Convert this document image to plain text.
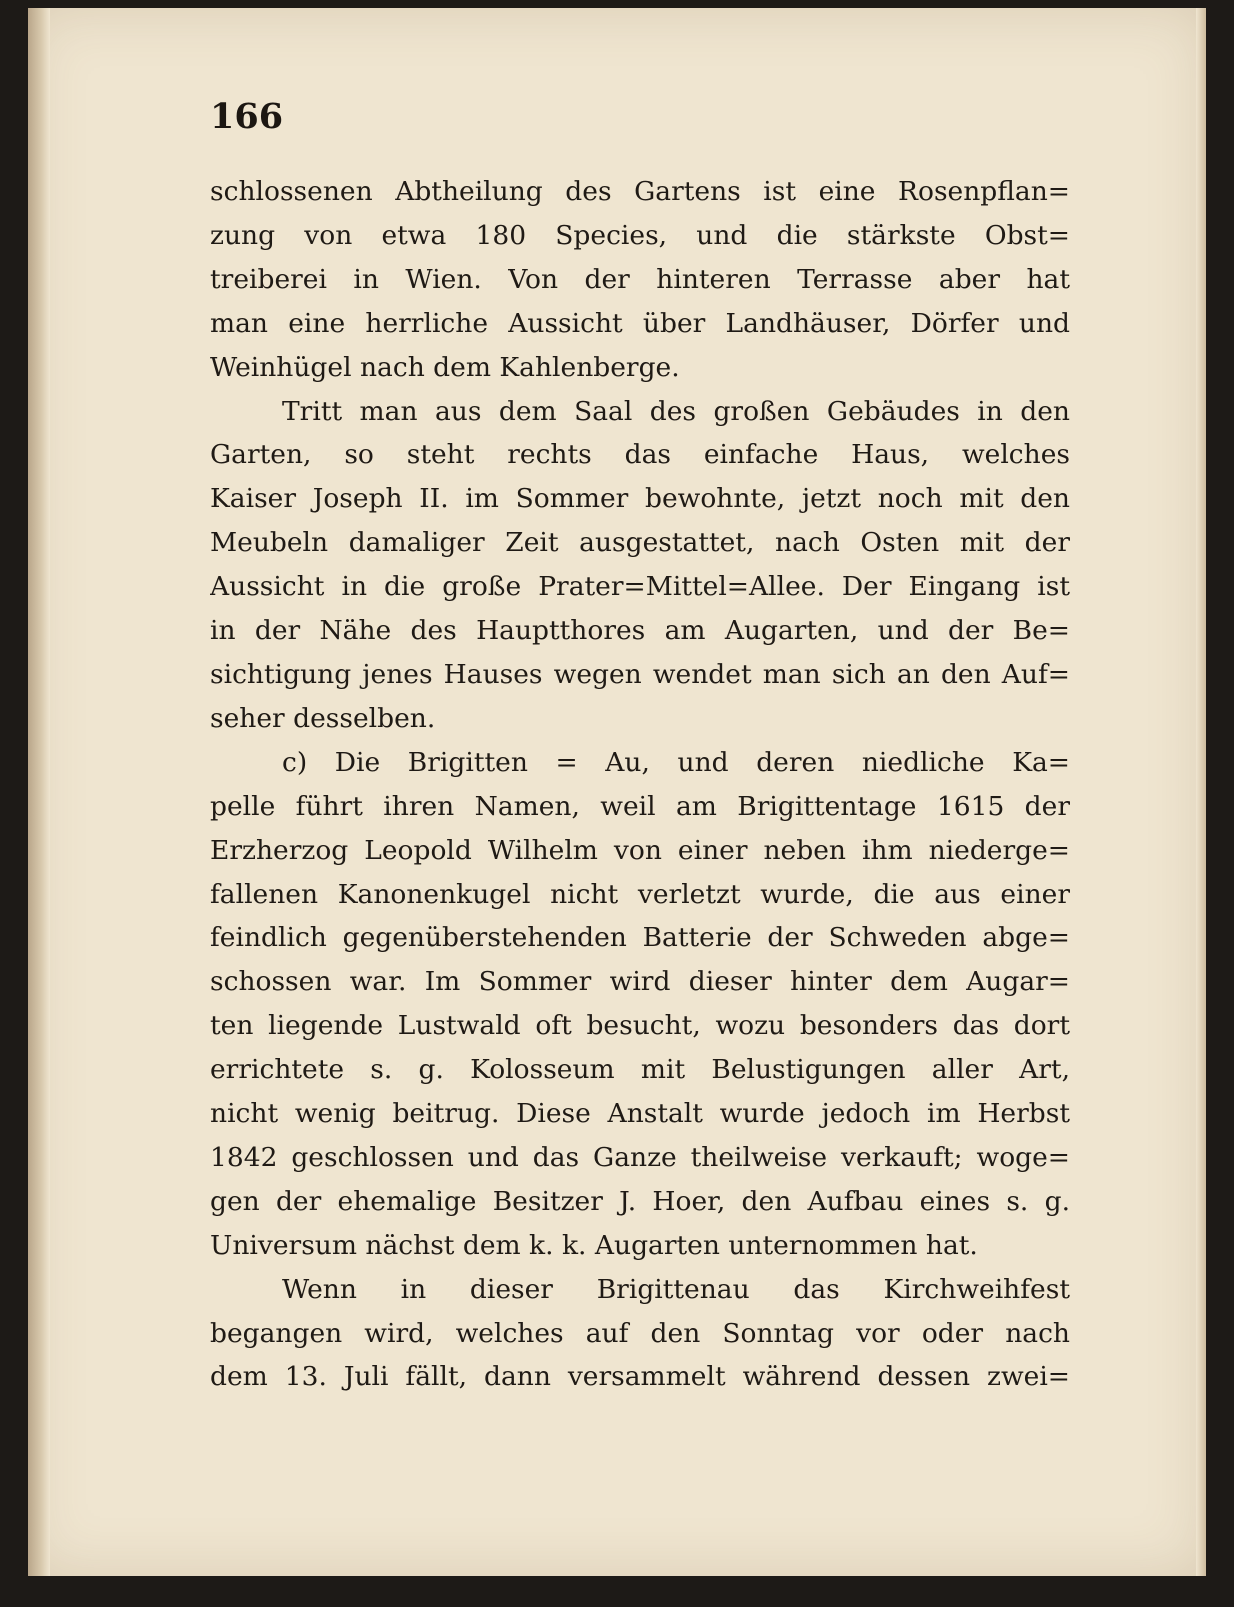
166
schlossenen Abtheilung des Gartens ist eine Rosenpflan=
zung von etwa 180 Species, und die stärkste Obst=
treiberei in Wien. Von der hinteren Terrasse aber hat
man eine herrliche Aussicht über Landhäuser, Dörfer und
Weinhügel nach dem Kahlenberge.
Tritt man aus dem Saal des großen Gebäudes in den
Garten, so steht rechts das einfache Haus, welches
Kaiser Joseph II. im Sommer bewohnte, jetzt noch mit den
Meubeln damaliger Zeit ausgestattet, nach Osten mit der
Aussicht in die große Prater=Mittel=Allee. Der Eingang ist
in der Nähe des Hauptthores am Augarten, und der Be=
sichtigung jenes Hauses wegen wendet man sich an den Auf=
seher desselben.
c) Die Brigitten = Au, und deren niedliche Ka=
pelle führt ihren Namen, weil am Brigittentage 1615 der
Erzherzog Leopold Wilhelm von einer neben ihm niederge=
fallenen Kanonenkugel nicht verletzt wurde, die aus einer
feindlich gegenüberstehenden Batterie der Schweden abge=
schossen war. Im Sommer wird dieser hinter dem Augar=
ten liegende Lustwald oft besucht, wozu besonders das dort
errichtete s. g. Kolosseum mit Belustigungen aller Art,
nicht wenig beitrug. Diese Anstalt wurde jedoch im Herbst
1842 geschlossen und das Ganze theilweise verkauft; woge=
gen der ehemalige Besitzer J. Hoer, den Aufbau eines s. g.
Universum nächst dem k. k. Augarten unternommen hat.
Wenn in dieser Brigittenau das Kirchweihfest
begangen wird, welches auf den Sonntag vor oder nach
dem 13. Juli fällt, dann versammelt während dessen zwei=
